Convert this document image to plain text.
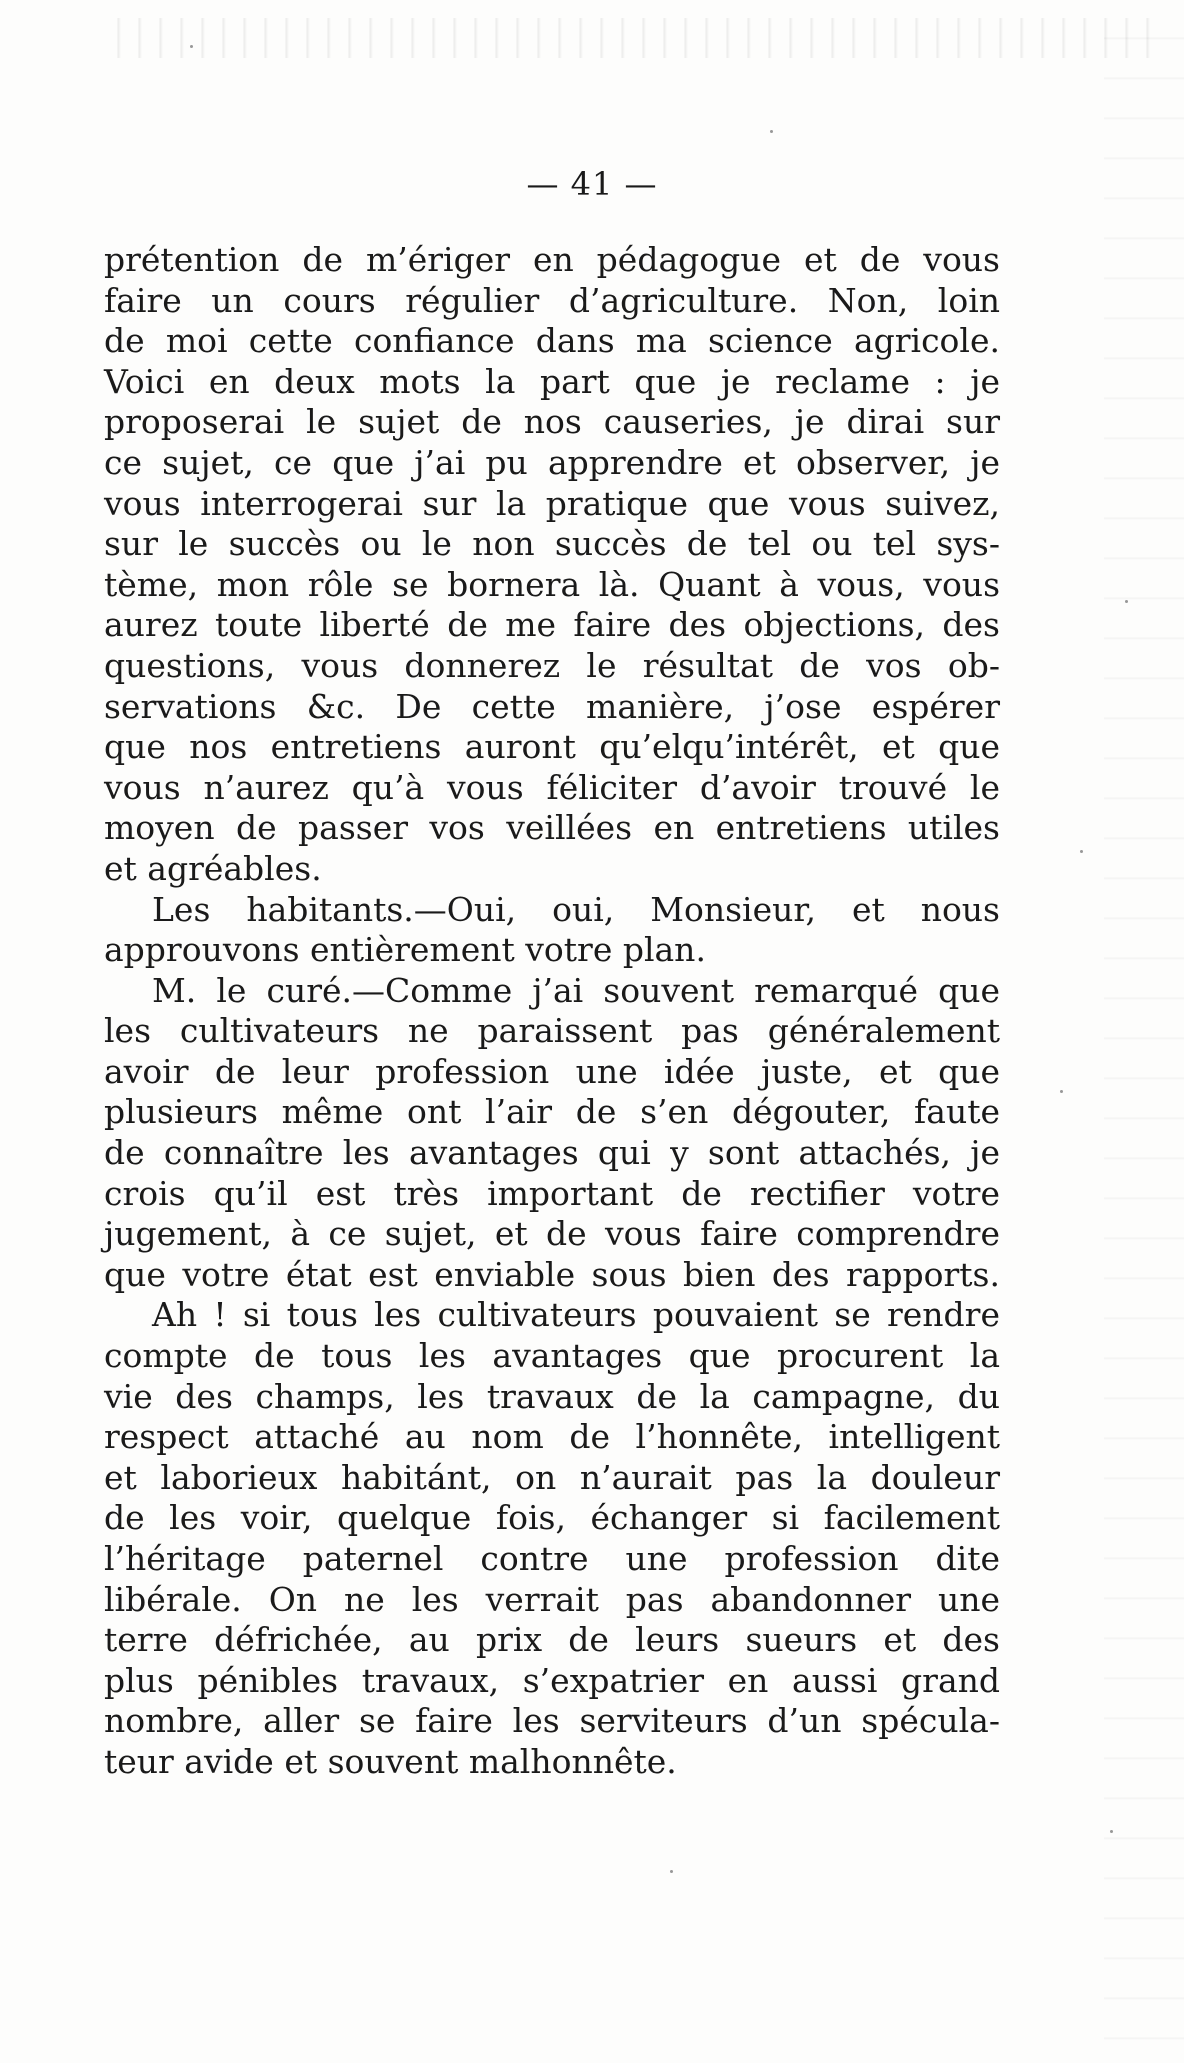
— 41 —
prétention de m’ériger en pédagogue et de vous
faire un cours régulier d’agriculture. Non, loin
de moi cette confiance dans ma science agricole.
Voici en deux mots la part que je reclame : je
proposerai le sujet de nos causeries, je dirai sur
ce sujet, ce que j’ai pu apprendre et observer, je
vous interrogerai sur la pratique que vous suivez,
sur le succès ou le non succès de tel ou tel sys-
tème, mon rôle se bornera là. Quant à vous, vous
aurez toute liberté de me faire des objections, des
questions, vous donnerez le résultat de vos ob-
servations &c. De cette manière, j’ose espérer
que nos entretiens auront qu’elqu’intérêt, et que
vous n’aurez qu’à vous féliciter d’avoir trouvé le
moyen de passer vos veillées en entretiens utiles
et agréables.
Les habitants.—Oui, oui, Monsieur, et nous
approuvons entièrement votre plan.
M. le curé.—Comme j’ai souvent remarqué que
les cultivateurs ne paraissent pas généralement
avoir de leur profession une idée juste, et que
plusieurs même ont l’air de s’en dégouter, faute
de connaître les avantages qui y sont attachés, je
crois qu’il est très important de rectifier votre
jugement, à ce sujet, et de vous faire comprendre
que votre état est enviable sous bien des rapports.
Ah ! si tous les cultivateurs pouvaient se rendre
compte de tous les avantages que procurent la
vie des champs, les travaux de la campagne, du
respect attaché au nom de l’honnête, intelligent
et laborieux habitánt, on n’aurait pas la douleur
de les voir, quelque fois, échanger si facilement
l’héritage paternel contre une profession dite
libérale. On ne les verrait pas abandonner une
terre défrichée, au prix de leurs sueurs et des
plus pénibles travaux, s’expatrier en aussi grand
nombre, aller se faire les serviteurs d’un spécula-
teur avide et souvent malhonnête.
